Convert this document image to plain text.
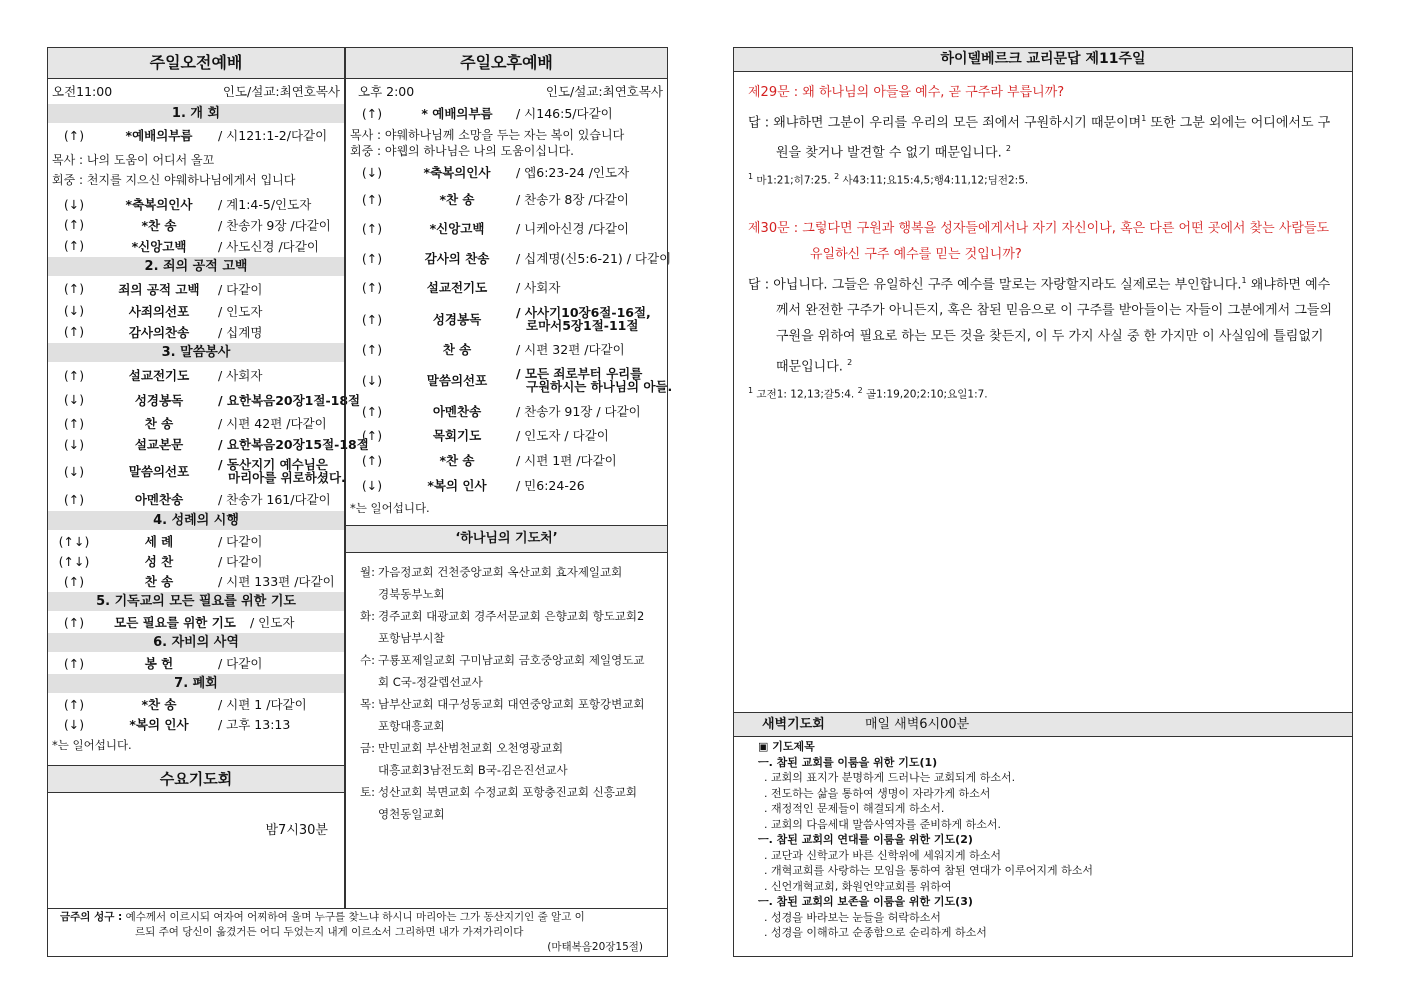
주일오전예배
오전11:00	인도/설교:최연호목사
1. 개 회
(↑)	*예배의부름	/ 시121:1-2/다같이
목사 : 나의 도움이 어디서 올꼬
회중 : 천지를 지으신 야웨하나님에게서 입니다
(↓)	*축복의인사	/ 계1:4-5/인도자
(↑)	*찬 송	/ 찬송가 9장 /다같이
(↑)	*신앙고백	/ 사도신경 /다같이
2. 죄의 공적 고백
(↑)	죄의 공적 고백	/ 다같이
(↓)	사죄의선포	/ 인도자
(↑)	감사의찬송	/ 십계명
3. 말씀봉사
(↑)	설교전기도	/ 사회자
(↓)	성경봉독	/ 요한복음20장1절-18절
(↑)	찬 송	/ 시편 42편 /다같이
(↓)	설교본문	/ 요한복음20장15절-18절
(↓)	말씀의선포	/ 동산지기 예수님은
마리아를 위로하셨다.
(↑)	아멘찬송	/ 찬송가 161/다같이
4. 성례의 시행
(↑↓)	세 례	/ 다같이
(↑↓)	성 찬	/ 다같이
(↑)	찬 송	/ 시편 133편 /다같이
5. 기독교의 모든 필요를 위한 기도
(↑)	모든 필요를 위한 기도	/ 인도자
6. 자비의 사역
(↑)	봉 헌	/ 다같이
7. 폐회
(↑)	*찬 송	/ 시편 1 /다같이
(↓)	*복의 인사	/ 고후 13:13
*는 일어섭니다.
수요기도회
밤7시30분
주일오후예배
오후 2:00	인도/설교:최연호목사
(↑)	* 예배의부름	/ 시146:5/다같이
목사 : 야웨하나님께 소망을 두는 자는 복이 있습니다
회중 : 야웹의 하나님은 나의 도움이십니다.
(↓)	*축복의인사	/ 엡6:23-24 /인도자
(↑)	*찬 송	/ 찬송가 8장 /다같이
(↑)	*신앙고백	/ 니케아신경 /다같이
(↑)	감사의 찬송	/ 십계명(신5:6-21) / 다같이
(↑)	설교전기도	/ 사회자
(↑)	성경봉독	/ 사사기10장6절-16절,
로마서5장1절-11절
(↑)	찬 송	/ 시편 32편 /다같이
(↓)	말씀의선포	/ 모든 죄로부터 우리를
구원하시는 하나님의 아들.
(↑)	아멘찬송	/ 찬송가 91장 / 다같이
(↑)	목회기도	/ 인도자 / 다같이
(↑)	*찬 송	/ 시편 1편 /다같이
(↓)	*복의 인사	/ 민6:24-26
*는 일어섭니다.
‘하나님의 기도처’
월: 가음정교회 건천중앙교회 옥산교회 효자제일교회
경북동부노회
화: 경주교회 대광교회 경주서문교회 은향교회 항도교회2
포항남부시찰
수: 구룡포제일교회 구미남교회 금호중앙교회 제일영도교
회 C국-정갈렙선교사
목: 남부산교회 대구성동교회 대연중앙교회 포항강변교회
포항대흥교회
금: 만민교회 부산범천교회 오천영광교회
대흥교회3남전도회 B국-김은진선교사
토: 성산교회 북면교회 수정교회 포항충진교회 신흥교회
영천동일교회
금주의 성구 : 예수께서 이르시되 여자여 어찌하여 울며 누구를 찾느냐 하시니 마리아는 그가 동산지기인 줄 알고 이
르되 주여 당신이 옮겼거든 어디 두었는지 내게 이르소서 그리하면 내가 가져가리이다
(마태복음20장15절)
하이델베르크 교리문답 제11주일
제29문 : 왜 하나님의 아들을 예수, 곧 구주라 부릅니까?
답 : 왜냐하면 그분이 우리를 우리의 모든 죄에서 구원하시기 때문이며$^1$ 또한 그분 외에는 어디에서도 구
원을 찾거나 발견할 수 없기 때문입니다. $^2$
$^1$ 마1:21;히7:25. $^2$ 사43:11;요15:4,5;행4:11,12;딤전2:5.
제30문 : 그렇다면 구원과 행복을 성자들에게서나 자기 자신이나, 혹은 다른 어떤 곳에서 찾는 사람들도
유일하신 구주 예수를 믿는 것입니까?
답 : 아닙니다. 그들은 유일하신 구주 예수를 말로는 자랑할지라도 실제로는 부인합니다.$^1$ 왜냐하면 예수
께서 완전한 구주가 아니든지, 혹은 참된 믿음으로 이 구주를 받아들이는 자들이 그분에게서 그들의
구원을 위하여 필요로 하는 모든 것을 찾든지, 이 두 가지 사실 중 한 가지만 이 사실임에 틀림없기
때문입니다. $^2$
$^1$ 고전1: 12,13;갈5:4. $^2$ 골1:19,20;2:10;요일1:7.
새벽기도회	매일 새벽6시00분
▣ 기도제목
ㅡ. 참된 교회를 이룸을 위한 기도(1)
. 교회의 표지가 분명하게 드러나는 교회되게 하소서.
. 전도하는 삶을 통하여 생명이 자라가게 하소서
. 재정적인 문제들이 해결되게 하소서.
. 교회의 다음세대 말씀사역자를 준비하게 하소서.
ㅡ. 참된 교회의 연대를 이룸을 위한 기도(2)
. 교단과 신학교가 바른 신학위에 세워지게 하소서
. 개혁교회를 사랑하는 모임을 통하여 참된 연대가 이루어지게 하소서
. 신언개혁교회, 화원언약교회를 위하여
ㅡ. 참된 교회의 보존을 이룸을 위한 기도(3)
. 성경을 바라보는 눈들을 허락하소서
. 성경을 이해하고 순종함으로 순리하게 하소서
